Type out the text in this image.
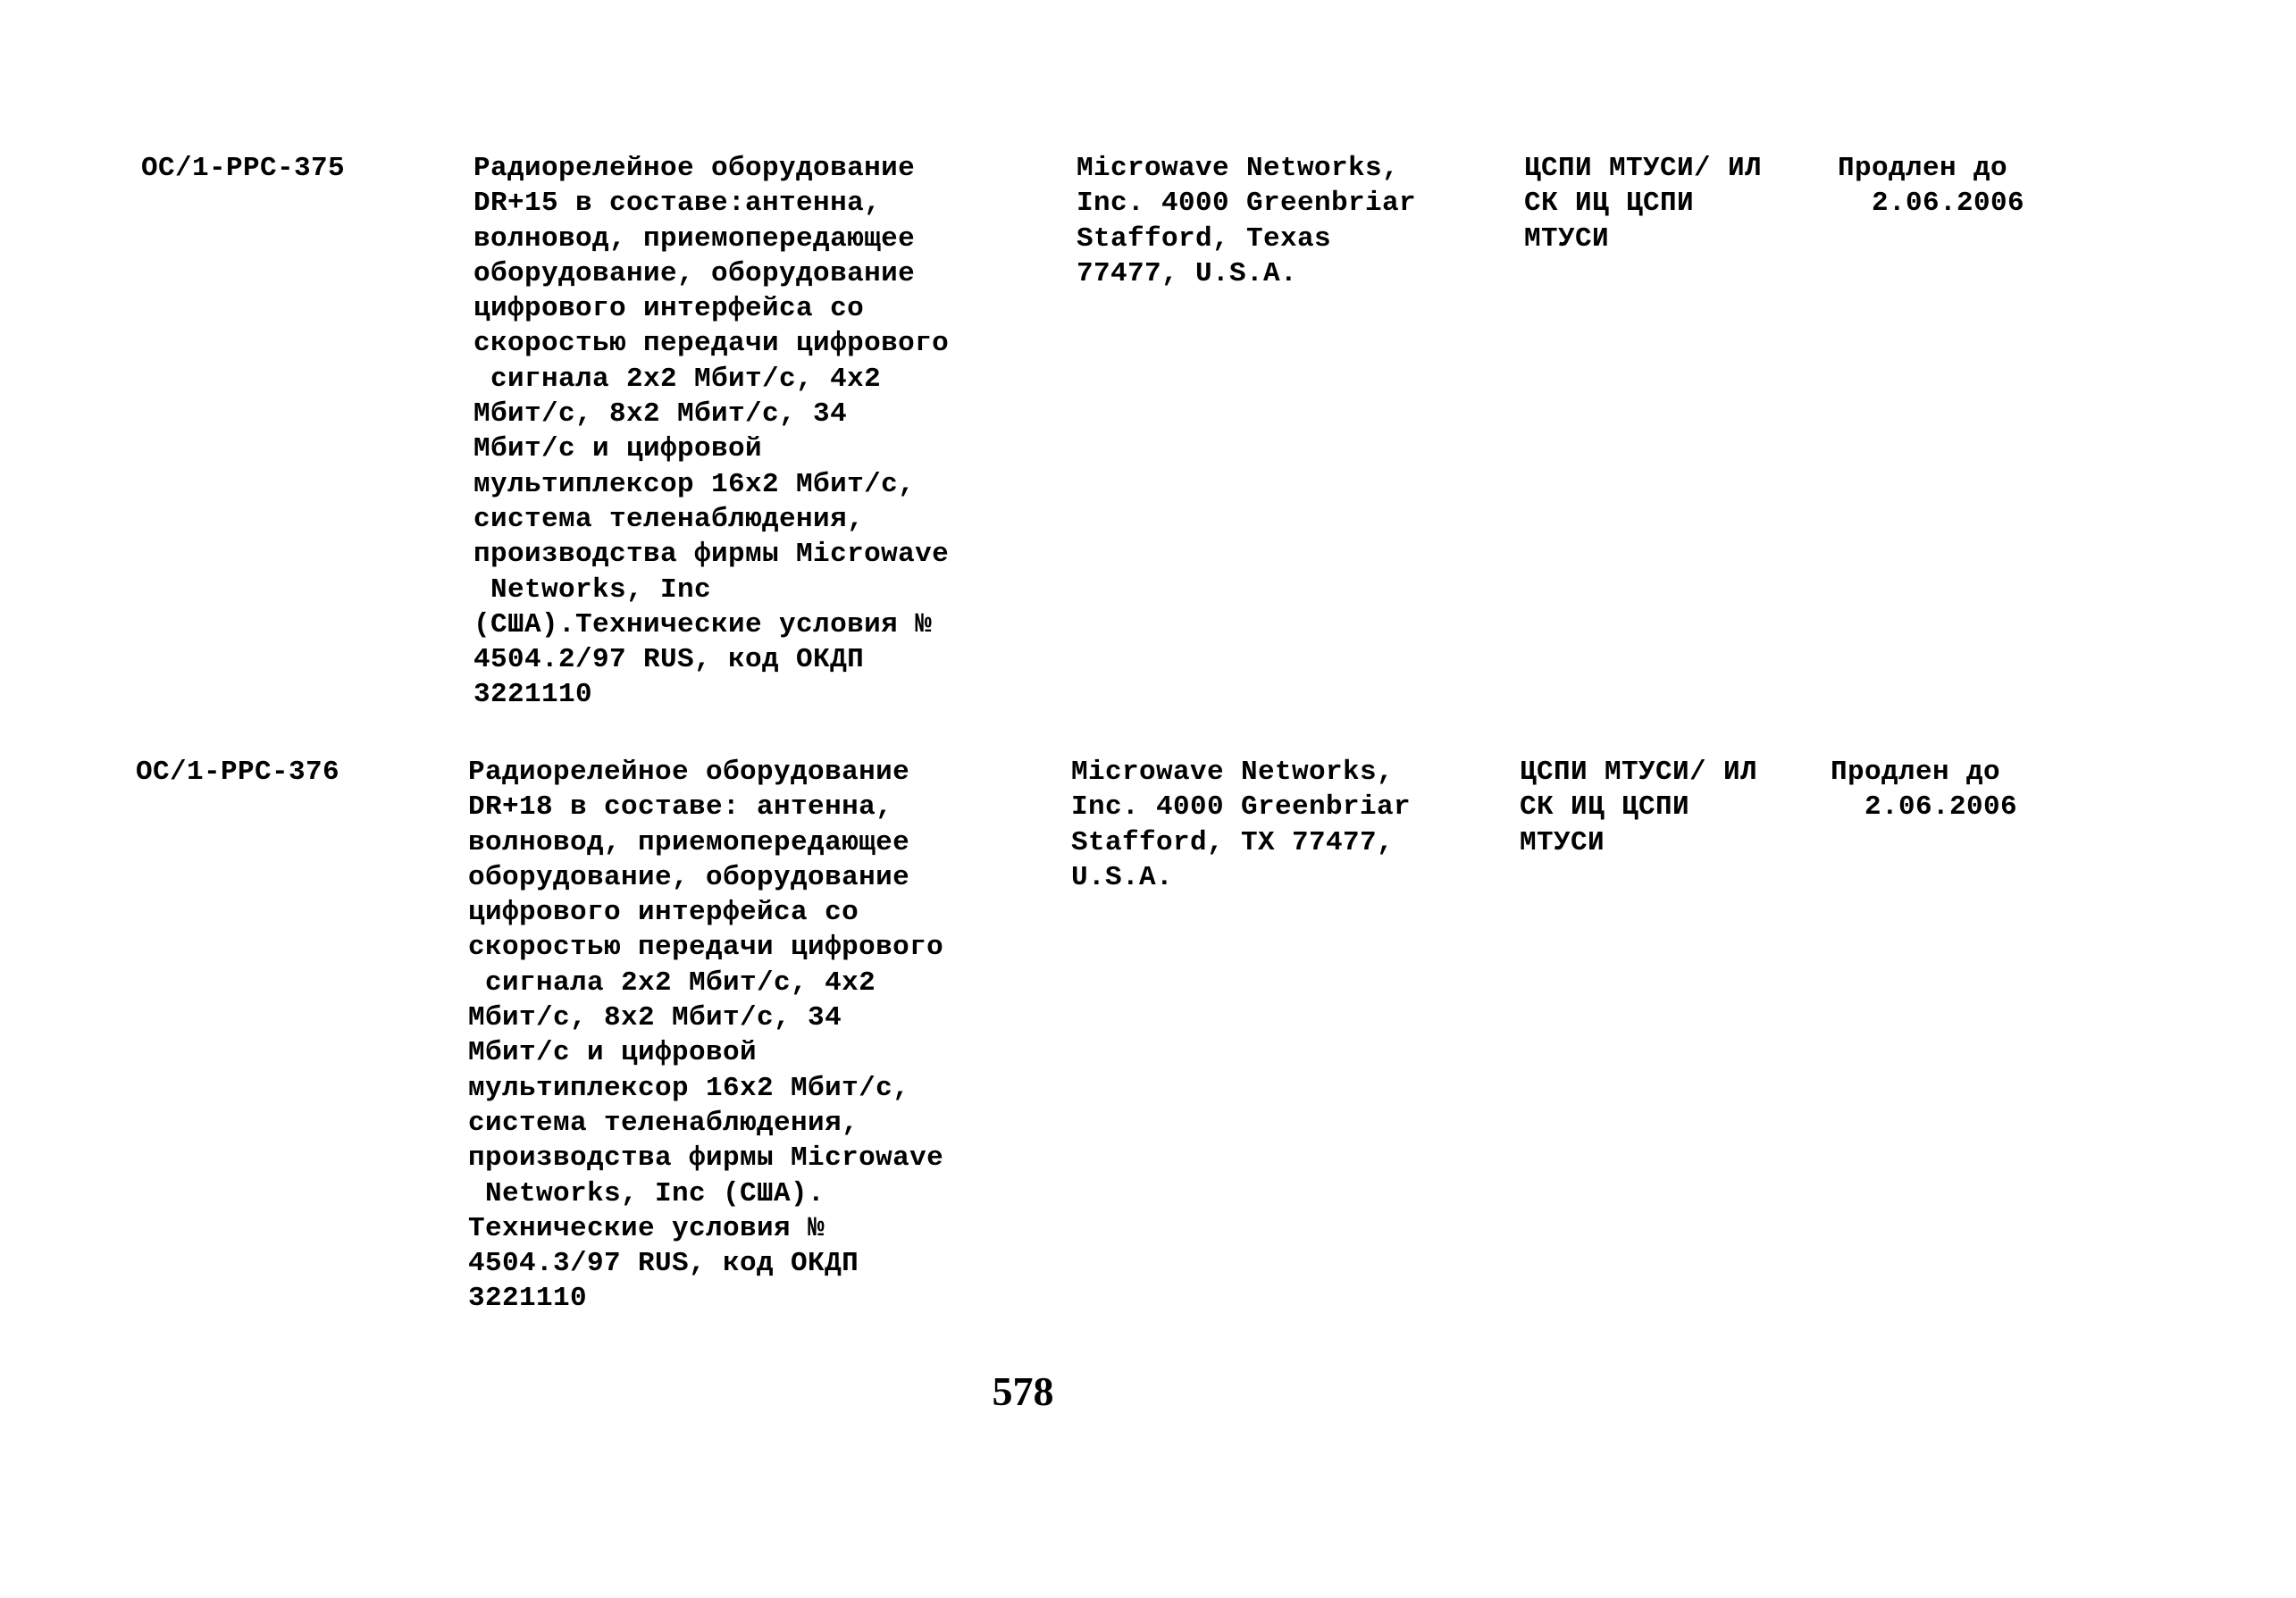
OC/1-PPC-375	Радиорелейное оборудование
DR+15 в составе:антенна,
волновод, приемопередающее
оборудование, оборудование
цифрового интерфейса со
скоростью передачи цифрового
сигнала 2х2 Мбит/с, 4х2
Мбит/с, 8х2 Мбит/с, 34
Мбит/с и цифровой
мультиплексор 16х2 Мбит/с,
система теленаблюдения,
производства фирмы Microwave
Networks, Inc
(США).Технические условия №
4504.2/97 RUS, код ОКДП
3221110
Microwave Networks,
Inc. 4000 Greenbriar
Stafford, Texas
77477, U.S.A.
ЦСПИ МТУСИ/ ИЛ
СК ИЦ ЦСПИ
МТУСИ
Продлен до
2.06.2006
OC/1-PPC-376	Радиорелейное оборудование
DR+18 в составе: антенна,
волновод, приемопередающее
оборудование, оборудование
цифрового интерфейса со
скоростью передачи цифрового
сигнала 2х2 Мбит/с, 4х2
Мбит/с, 8х2 Мбит/с, 34
Мбит/с и цифровой
мультиплексор 16х2 Мбит/с,
система теленаблюдения,
производства фирмы Microwave
Networks, Inc (США).
Технические условия №
4504.3/97 RUS, код ОКДП
3221110
Microwave Networks,
Inc. 4000 Greenbriar
Stafford, TX 77477,
U.S.A.
ЦСПИ МТУСИ/ ИЛ
СК ИЦ ЦСПИ
МТУСИ
Продлен до
2.06.2006
578
